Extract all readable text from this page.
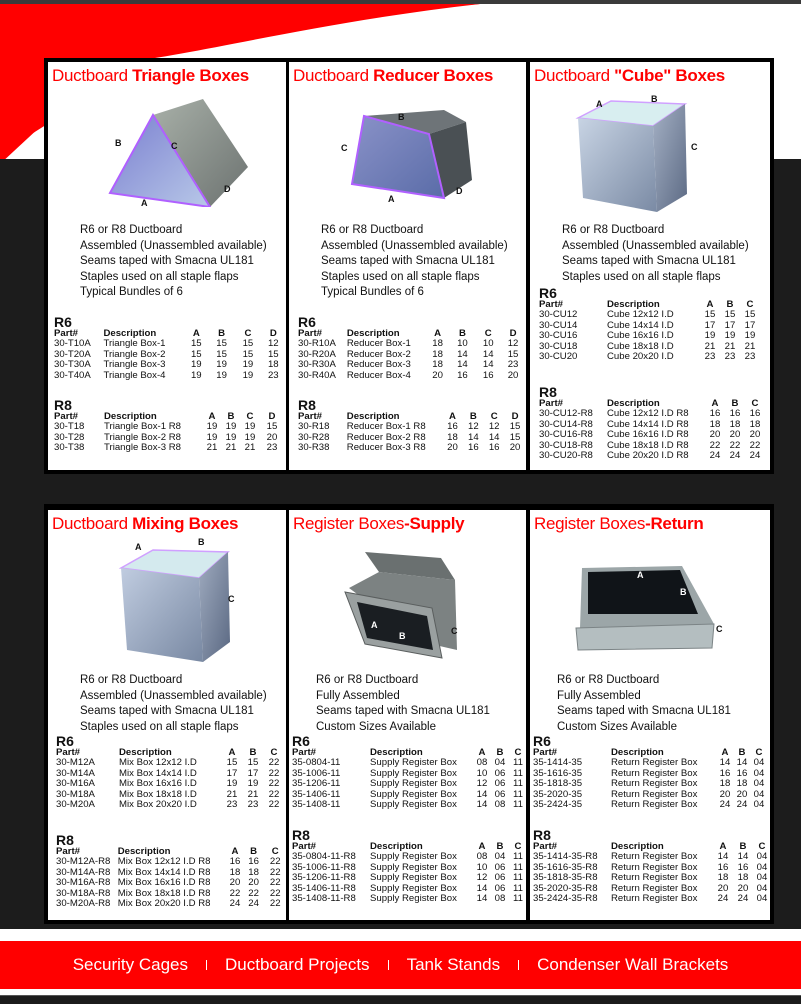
Ductboard Triangle Boxes
B	C
D
A
R6 or R8 Ductboard
Assembled (Unassembled available)
Seams taped with Smacna UL181
Staples used on all staple flaps
Typical Bundles of 6
R6
Part#	Description	A	B	C	D
30-T10A	Triangle Box-1	15	15	15	12
30-T20A	Triangle Box-2	15	15	15	15
30-T30A	Triangle Box-3	19	19	19	18
30-T40A	Triangle Box-4	19	19	19	23
R8
Part#	Description	A	B	C	D
30-T18	Triangle Box-1 R8	19	19	19	15
30-T28	Triangle Box-2 R8	19	19	19	20
30-T38	Triangle Box-3 R8	21	21	21	23
Ductboard Reducer Boxes
B
C
D
A
R6 or R8 Ductboard
Assembled (Unassembled available)
Seams taped with Smacna UL181
Staples used on all staple flaps
Typical Bundles of 6
R6
Part#	Description	A	B	C	D
30-R10A	Reducer Box-1	18	10	10	12
30-R20A	Reducer Box-2	18	14	14	15
30-R30A	Reducer Box-3	18	14	14	23
30-R40A	Reducer Box-4	20	16	16	20
R8
Part#	Description	A	B	C	D
30-R18	Reducer Box-1 R8	16	12	12	15
30-R28	Reducer Box-2 R8	18	14	14	15
30-R38	Reducer Box-3 R8	20	16	16	20
Ductboard "Cube" Boxes
A	B
C
R6 or R8 Ductboard
Assembled (Unassembled available)
Seams taped with Smacna UL181
Staples used on all staple flaps
R6
Part#	Description	A	B	C
30-CU12	Cube 12x12 I.D	15	15	15
30-CU14	Cube 14x14 I.D	17	17	17
30-CU16	Cube 16x16 I.D	19	19	19
30-CU18	Cube 18x18 I.D	21	21	21
30-CU20	Cube 20x20 I.D	23	23	23
R8
Part#	Description	A	B	C
30-CU12-R8	Cube 12x12 I.D R8	16	16	16
30-CU14-R8	Cube 14x14 I.D R8	18	18	18
30-CU16-R8	Cube 16x16 I.D R8	20	20	20
30-CU18-R8	Cube 18x18 I.D R8	22	22	22
30-CU20-R8	Cube 20x20 I.D R8	24	24	24
Ductboard Mixing Boxes
A	B
C
R6 or R8 Ductboard
Assembled (Unassembled available)
Seams taped with Smacna UL181
Staples used on all staple flaps
R6
Part#	Description	A	B	C
30-M12A	Mix Box 12x12 I.D	15	15	22
30-M14A	Mix Box 14x14 I.D	17	17	22
30-M16A	Mix Box 16x16 I.D	19	19	22
30-M18A	Mix Box 18x18 I.D	21	21	22
30-M20A	Mix Box 20x20 I.D	23	23	22
R8
Part#	Description	A	B	C
30-M12A-R8	Mix Box 12x12 I.D R8	16	16	22
30-M14A-R8	Mix Box 14x14 I.D R8	18	18	22
30-M16A-R8	Mix Box 16x16 I.D R8	20	20	22
30-M18A-R8	Mix Box 18x18 I.D R8	22	22	22
30-M20A-R8	Mix Box 20x20 I.D R8	24	24	22
Register Boxes-Supply
A
B	C
R6 or R8 Ductboard
Fully Assembled
Seams taped with Smacna UL181
Custom Sizes Available
R6
Part#	Description	A	B	C
35-0804-11	Supply Register Box	08	04	11
35-1006-11	Supply Register Box	10	06	11
35-1206-11	Supply Register Box	12	06	11
35-1406-11	Supply Register Box	14	06	11
35-1408-11	Supply Register Box	14	08	11
R8
Part#	Description	A	B	C
35-0804-11-R8	Supply Register Box	08	04	11
35-1006-11-R8	Supply Register Box	10	06	11
35-1206-11-R8	Supply Register Box	12	06	11
35-1406-11-R8	Supply Register Box	14	06	11
35-1408-11-R8	Supply Register Box	14	08	11
Register Boxes-Return
A
B
C
R6 or R8 Ductboard
Fully Assembled
Seams taped with Smacna UL181
Custom Sizes Available
R6
Part#	Description	A	B	C
35-1414-35	Return Register Box	14	14	04
35-1616-35	Return Register Box	16	16	04
35-1818-35	Return Register Box	18	18	04
35-2020-35	Return Register Box	20	20	04
35-2424-35	Return Register Box	24	24	04
R8
Part#	Description	A	B	C
35-1414-35-R8	Return Register Box	14	14	04
35-1616-35-R8	Return Register Box	16	16	04
35-1818-35-R8	Return Register Box	18	18	04
35-2020-35-R8	Return Register Box	20	20	04
35-2424-35-R8	Return Register Box	24	24	04
Security Cages Ductboard Projects Tank Stands Condenser Wall Brackets
